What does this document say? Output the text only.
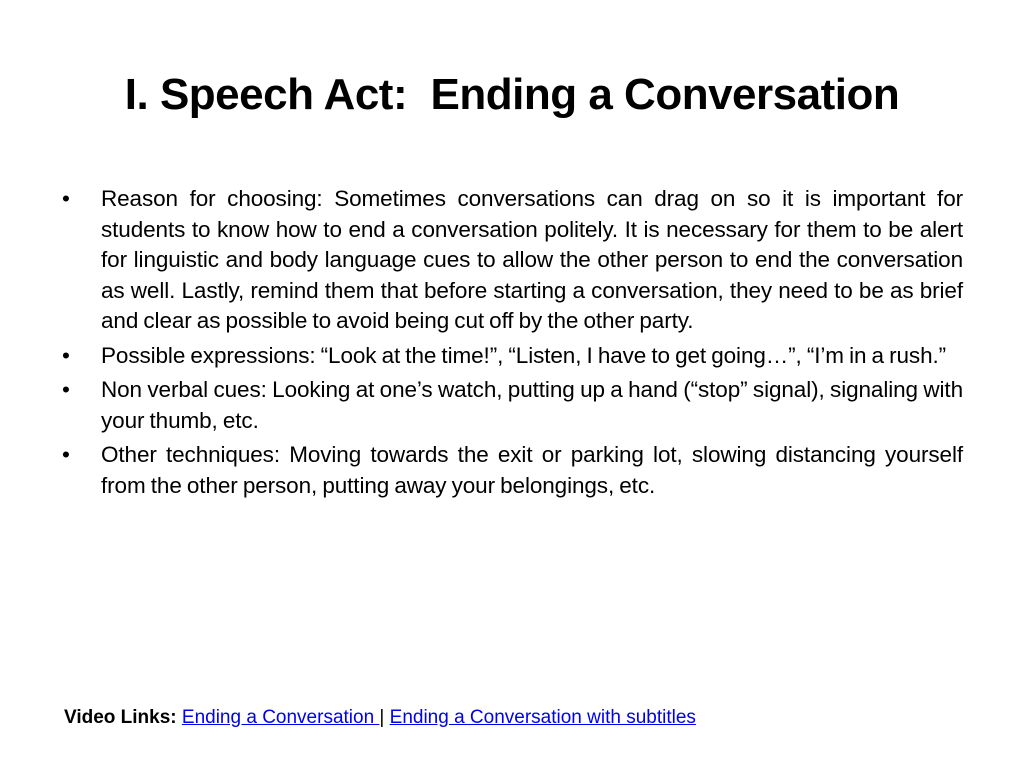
I. Speech Act:  Ending a Conversation
•	Reason for choosing: Sometimes conversations can drag on so it is important for students to know how to end a conversation politely. It is necessary for them to be alert for linguistic and body language cues to allow the other person to end the conversation as well. Lastly, remind them that before starting a conversation, they need to be as brief and clear as possible to avoid being cut off by the other party.
•	Possible expressions: “Look at the time!”, “Listen, I have to get going…”, “I’m in a rush.”
•	Non verbal cues: Looking at one’s watch, putting up a hand (“stop” signal), signaling with your thumb, etc.
•	Other techniques: Moving towards the exit or parking lot, slowing distancing yourself from the other person, putting away your belongings, etc.
Video Links: Ending a Conversation | Ending a Conversation with subtitles
